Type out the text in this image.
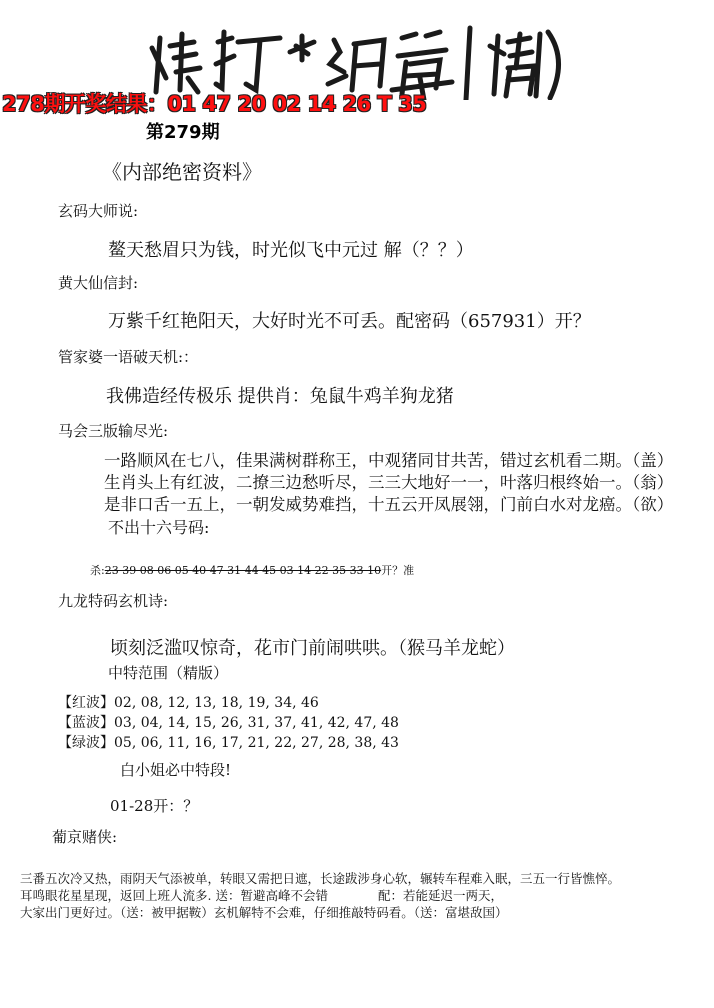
278期开奖结果：01 47 20 02 14 26 T 35
第279期
《内部绝密资料》
玄码大师说:
鳌天愁眉只为钱，时光似飞中元过 解（？？）
黄大仙信封:
万紫千红艳阳天，大好时光不可丢。配密码（657931）开？
管家婆一语破天机:：
我佛造经传极乐 提供肖：兔鼠牛鸡羊狗龙猪
马会三版输尽光:
一路顺风在七八，佳果满树群称王，中观猪同甘共苦，错过玄机看二期。（盖）
生肖头上有红波，二撩三边愁听尽，三三大地好一一，叶落归根终始一。（翁）
是非口舌一五上，一朝发威势难挡，十五云开凤展翎，门前白水对龙癌。（欲）
不出十六号码:
杀:23 39 08 06 05 40 47 31 44 45 03 14 22 35 33 10开？准
九龙特码玄机诗:
顷刻泛滥叹惊奇，花市门前闹哄哄。（猴马羊龙蛇）
中特范围（精版）
【红波】02, 08, 12, 13, 18, 19, 34, 46
【蓝波】03, 04, 14, 15, 26, 31, 37, 41, 42, 47, 48
【绿波】05, 06, 11, 16, 17, 21, 22, 27, 28, 38, 43
白小姐必中特段!
01-28开：？
葡京赌侠:
三番五次冷又热，雨阴天气添被单，转眼又需把日遮，长途跋涉身心软，辗转车程难入眠，三五一行皆憔悴。
耳鸣眼花星星现，返回上班人流多. 送：暂避高峰不会错　　　　配：若能延迟一两天，
大家出门更好过。（送：被甲据鞍）玄机解特不会难，仔细推敲特码看。（送：富堪敌国）
